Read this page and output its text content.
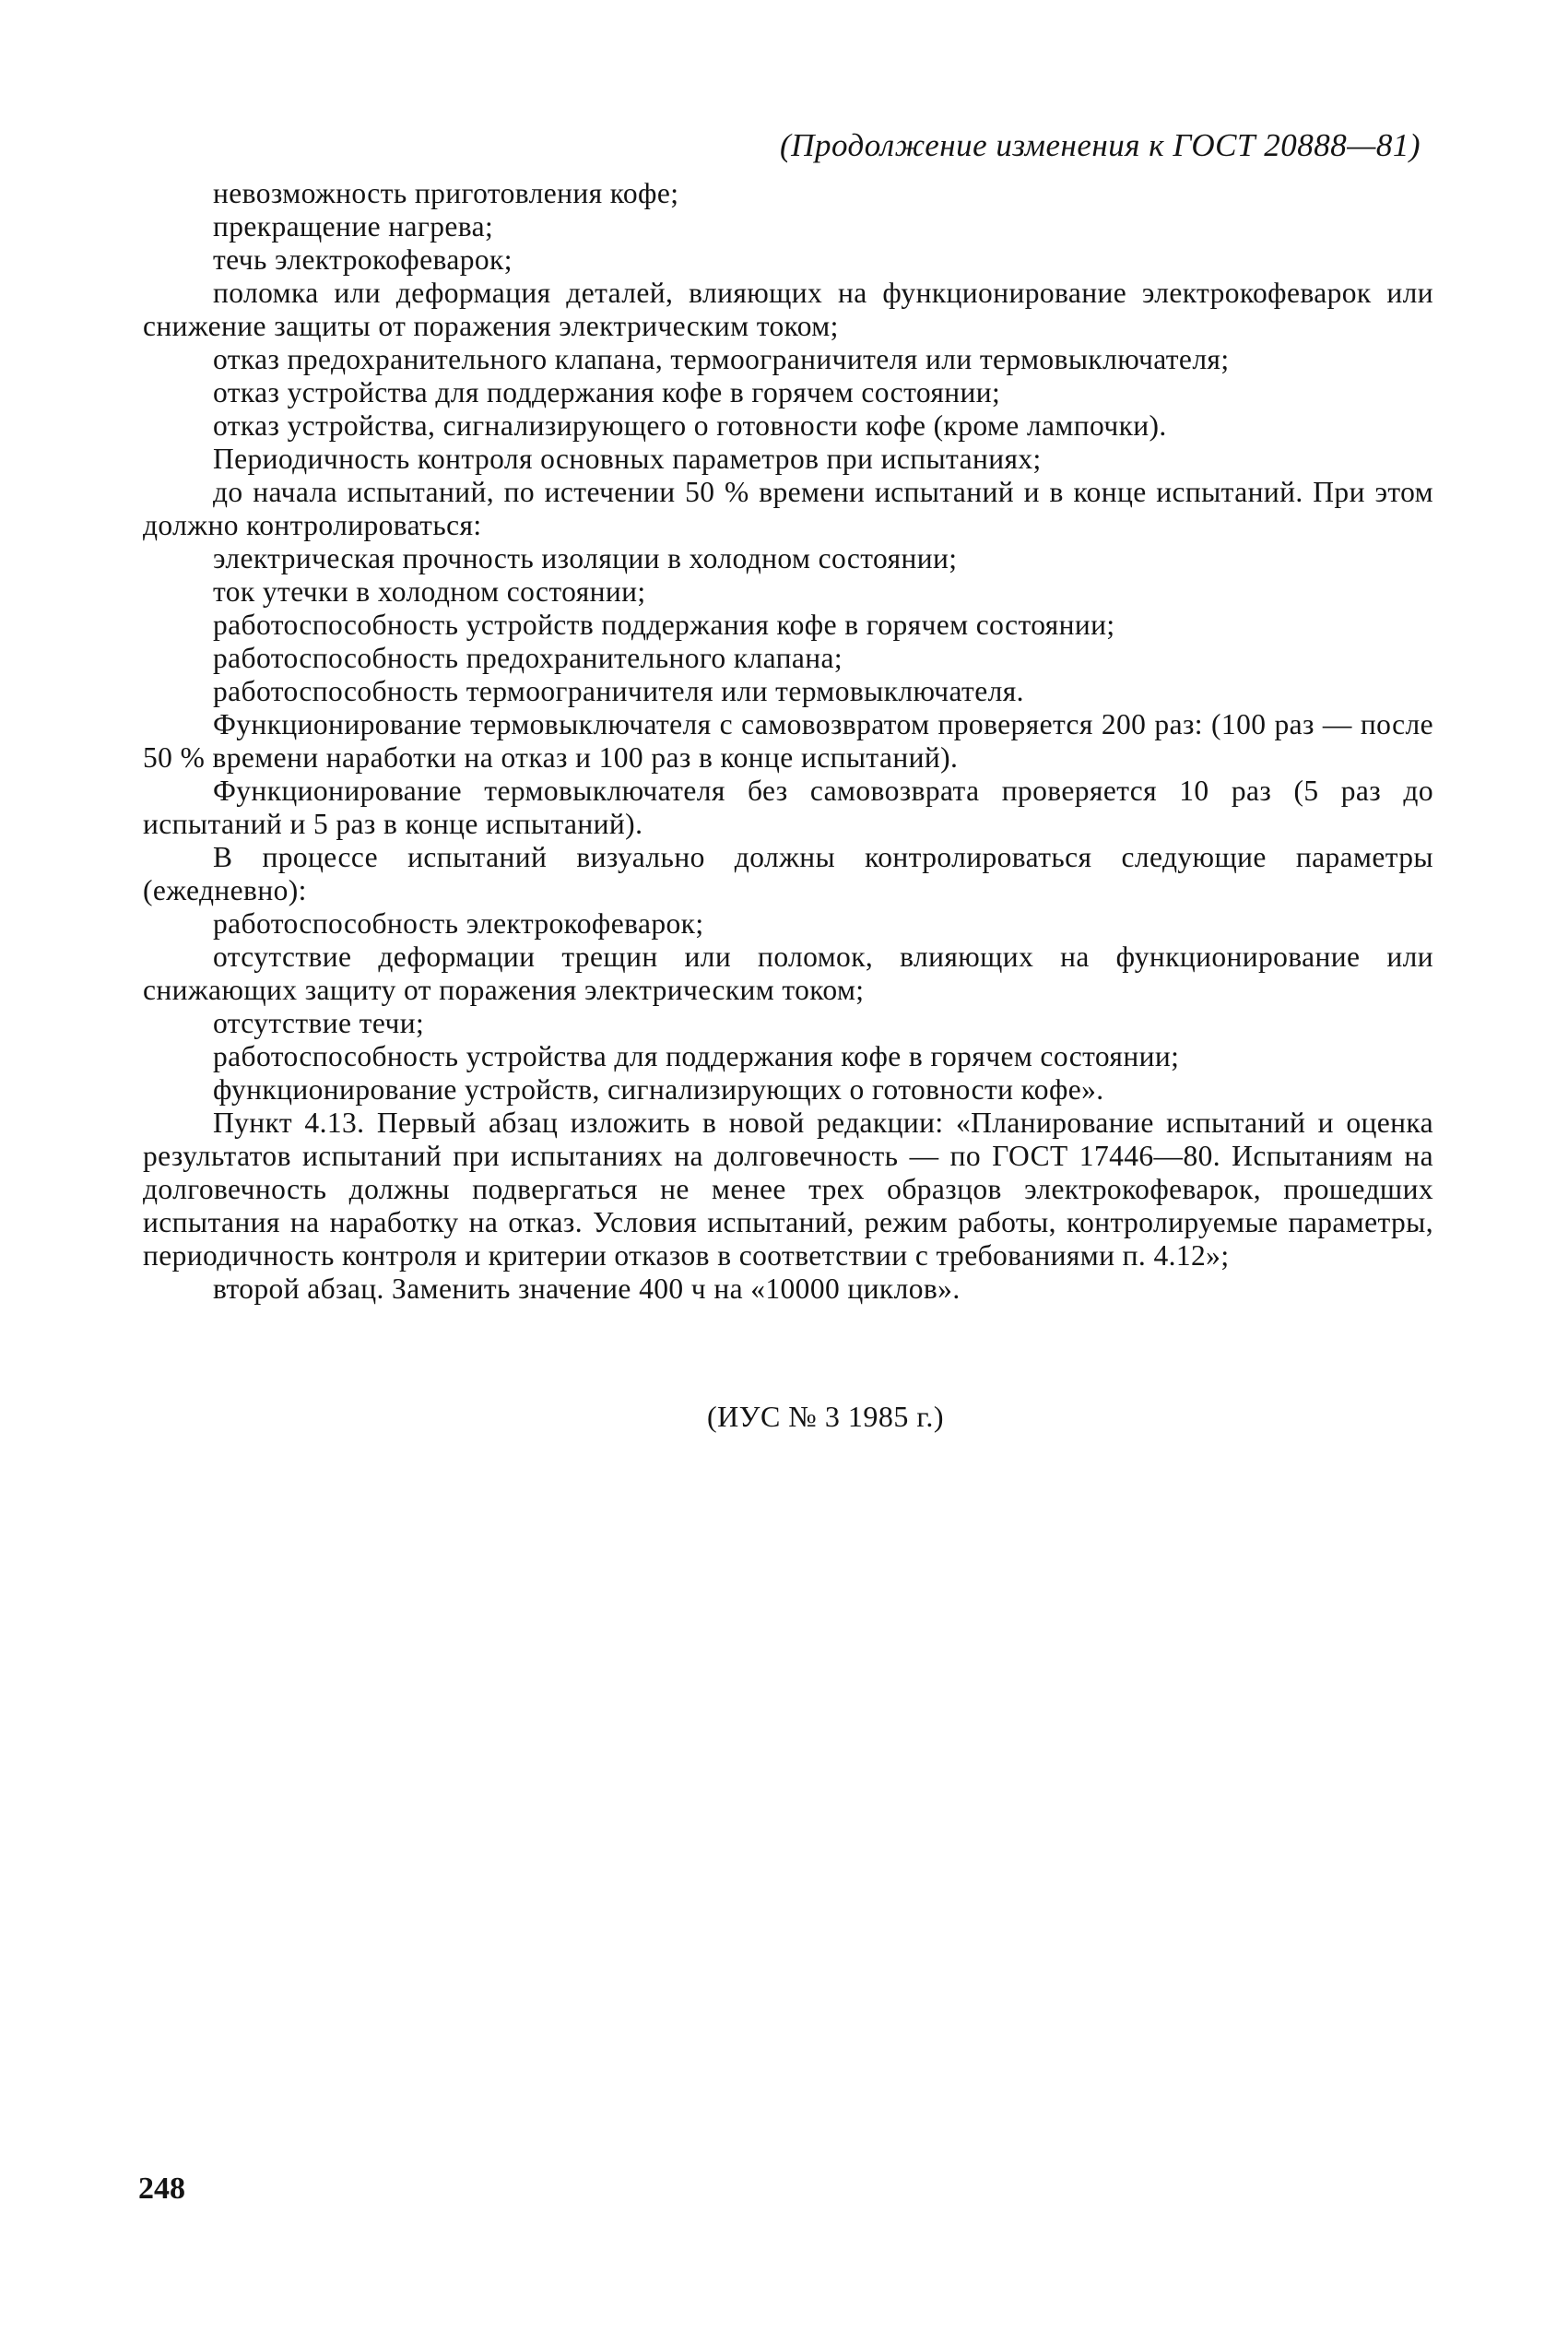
(Продолжение изменения к ГОСТ 20888—81)

невозможность приготовления кофе;

прекращение нагрева;

течь электрокофеварок;

поломка или деформация деталей, влияющих на функционирование электрокофеварок или снижение защиты от поражения электрическим током;

отказ предохранительного клапана, термоограничителя или термовыключателя;

отказ устройства для поддержания кофе в горячем состоянии;

отказ устройства, сигнализирующего о готовности кофе (кроме лампочки).

Периодичность контроля основных параметров при испытаниях;

до начала испытаний, по истечении 50 % времени испытаний и в конце испытаний. При этом должно контролироваться:

электрическая прочность изоляции в холодном состоянии;

ток утечки в холодном состоянии;

работоспособность устройств поддержания кофе в горячем состоянии;

работоспособность предохранительного клапана;

работоспособность термоограничителя или термовыключателя.

Функционирование термовыключателя с самовозвратом проверяется 200 раз: (100 раз — после 50 % времени наработки на отказ и 100 раз в конце испытаний).

Функционирование термовыключателя без самовозврата проверяется 10 раз (5 раз до испытаний и 5 раз в конце испытаний).

В процессе испытаний визуально должны контролироваться следующие параметры (ежедневно):

работоспособность электрокофеварок;

отсутствие деформации трещин или поломок, влияющих на функционирование или снижающих защиту от поражения электрическим током;

отсутствие течи;

работоспособность устройства для поддержания кофе в горячем состоянии;

функционирование устройств, сигнализирующих о готовности кофе».

Пункт 4.13. Первый абзац изложить в новой редакции: «Планирование испытаний и оценка результатов испытаний при испытаниях на долговечность — по ГОСТ 17446—80. Испытаниям на долговечность должны подвергаться не менее трех образцов электрокофеварок, прошедших испытания на наработку на отказ. Условия испытаний, режим работы, контролируемые параметры, периодичность контроля и критерии отказов в соответствии с требованиями п. 4.12»;

второй абзац. Заменить значение 400 ч на «10000 циклов».

(ИУС № 3 1985 г.)
248
